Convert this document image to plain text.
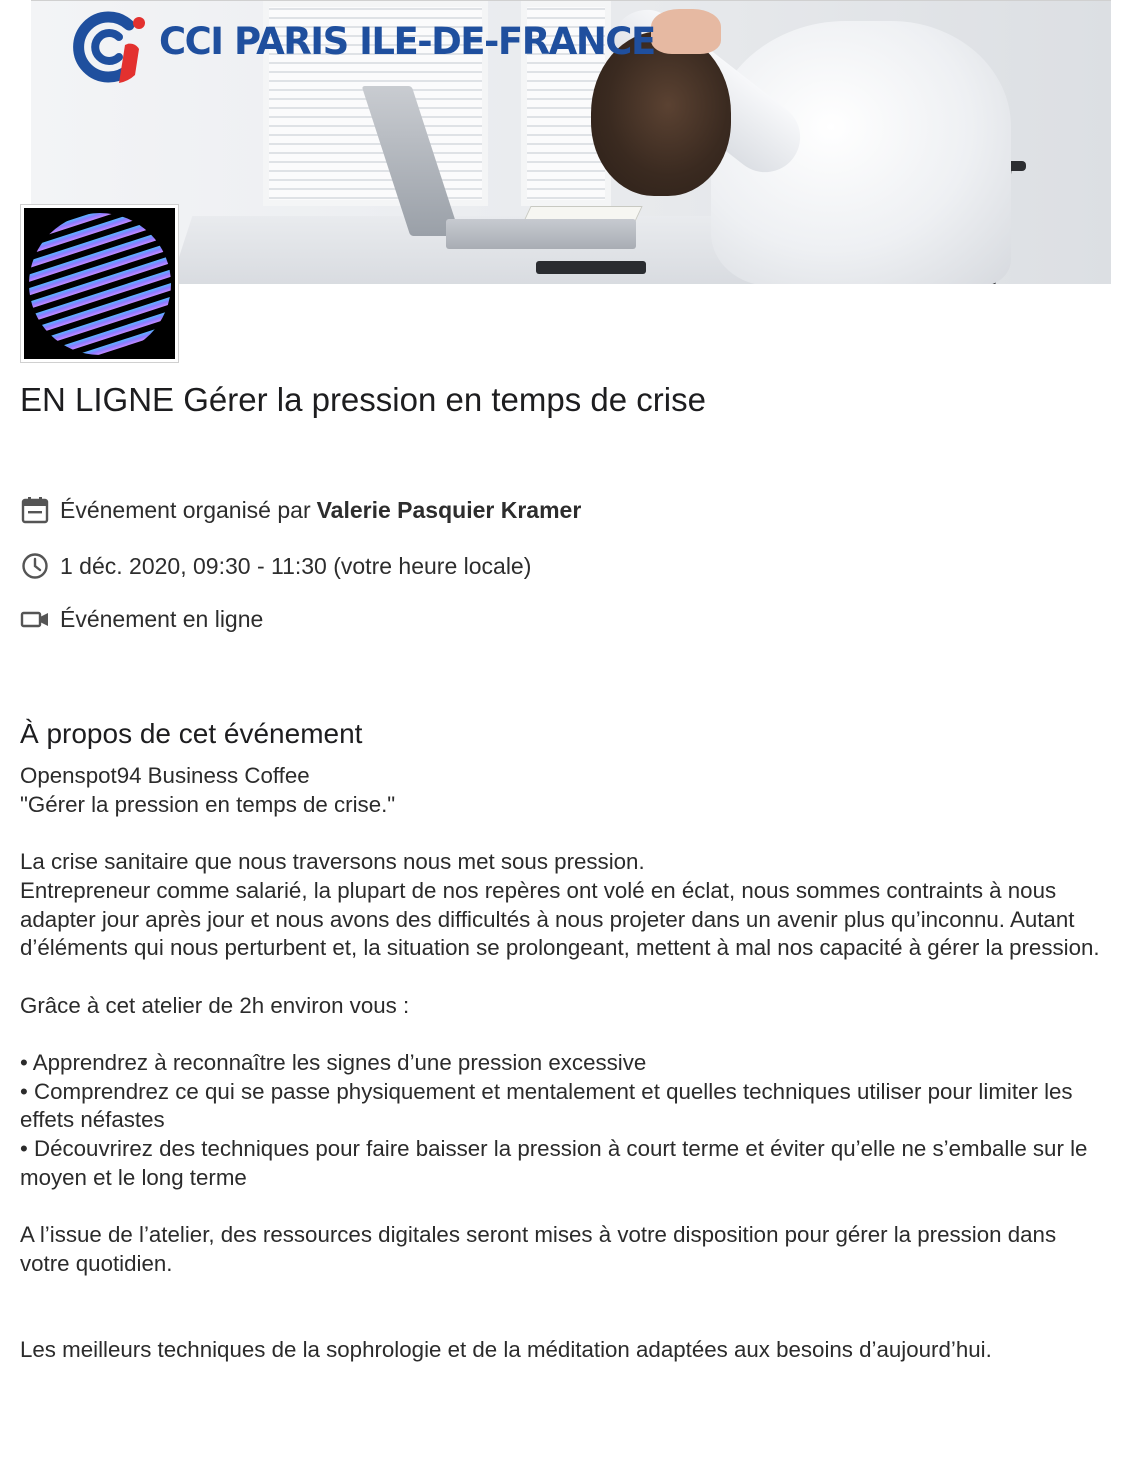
CCI PARIS ILE-DE-FRANCE
EN LIGNE Gérer la pression en temps de crise
Événement organisé par Valerie Pasquier Kramer
1 déc. 2020, 09:30 - 11:30 (votre heure locale)
Événement en ligne
À propos de cet événement

Openspot94 Business Coffee
"Gérer la pression en temps de crise."

La crise sanitaire que nous traversons nous met sous pression.
Entrepreneur comme salarié, la plupart de nos repères ont volé en éclat, nous sommes contraints à nous adapter jour après jour et nous avons des difficultés à nous projeter dans un avenir plus qu’inconnu. Autant d’éléments qui nous perturbent et, la situation se prolongeant, mettent à mal nos capacité à gérer la pression.

Grâce à cet atelier de 2h environ vous :

• Apprendrez à reconnaître les signes d’une pression excessive
• Comprendrez ce qui se passe physiquement et mentalement et quelles techniques utiliser pour limiter les effets néfastes
• Découvrirez des techniques pour faire baisser la pression à court terme et éviter qu’elle ne s’emballe sur le moyen et le long terme

A l’issue de l’atelier, des ressources digitales seront mises à votre disposition pour gérer la pression dans votre quotidien.

Les meilleurs techniques de la sophrologie et de la méditation adaptées aux besoins d’aujourd’hui.
